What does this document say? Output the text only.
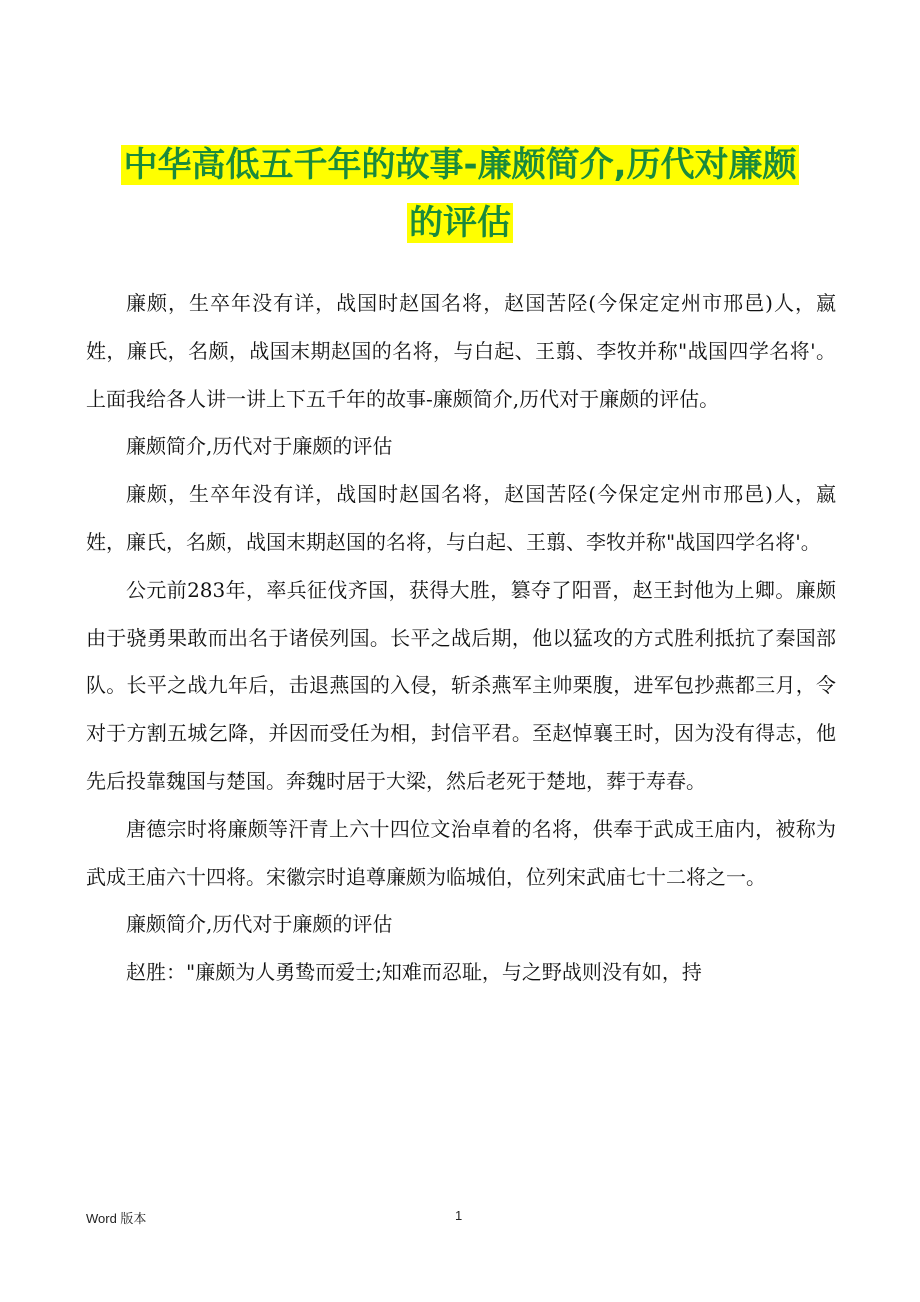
中华高低五千年的故事-廉颇简介,历代对廉颇
的评估

廉颇，生卒年没有详，战国时赵国名将，赵国苦陉(今保定定州市邢邑)人，嬴姓，廉氏，名颇，战国末期赵国的名将，与白起、王翦、李牧并称"战国四学名将'。上面我给各人讲一讲上下五千年的故事-廉颇简介,历代对于廉颇的评估。

廉颇简介,历代对于廉颇的评估

廉颇，生卒年没有详，战国时赵国名将，赵国苦陉(今保定定州市邢邑)人，嬴姓，廉氏，名颇，战国末期赵国的名将，与白起、王翦、李牧并称"战国四学名将'。

公元前283年，率兵征伐齐国，获得大胜，篡夺了阳晋，赵王封他为上卿。廉颇由于骁勇果敢而出名于诸侯列国。长平之战后期，他以猛攻的方式胜利抵抗了秦国部队。长平之战九年后，击退燕国的入侵，斩杀燕军主帅栗腹，进军包抄燕都三月，令对于方割五城乞降，并因而受任为相，封信平君。至赵悼襄王时，因为没有得志，他先后投靠魏国与楚国。奔魏时居于大梁，然后老死于楚地，葬于寿春。

唐德宗时将廉颇等汗青上六十四位文治卓着的名将，供奉于武成王庙内，被称为武成王庙六十四将。宋徽宗时追尊廉颇为临城伯，位列宋武庙七十二将之一。

廉颇简介,历代对于廉颇的评估

赵胜："廉颇为人勇鸷而爱士;知难而忍耻，与之野战则没有如，持

Word 版本	1
